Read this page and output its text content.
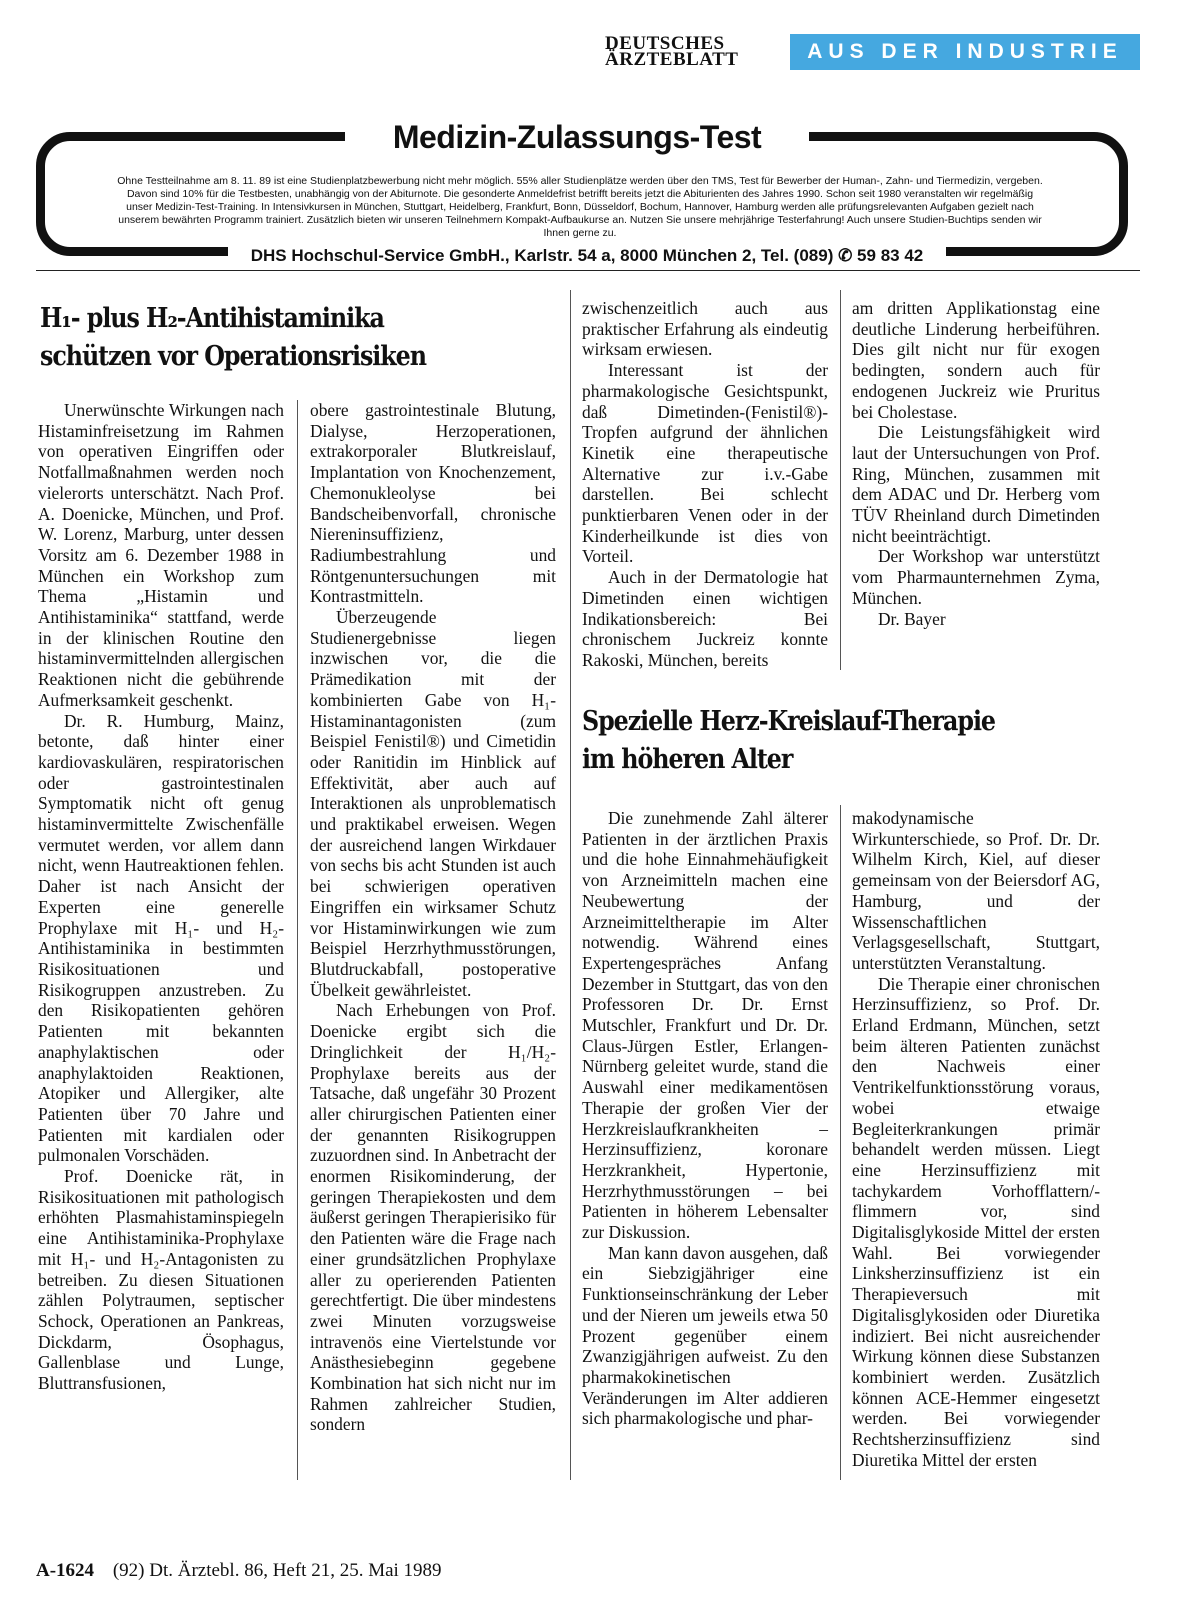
DEUTSCHES
ÄRZTEBLATT	AUS DER INDUSTRIE
Medizin-Zulassungs-Test
Ohne Testteilnahme am 8. 11. 89 ist eine Studienplatzbewerbung nicht mehr möglich. 55% aller Studienplätze werden über den TMS, Test für Bewerber der Human-, Zahn- und Tiermedizin, vergeben. Davon sind 10% für die Testbesten, unabhängig von der Abiturnote. Die gesonderte Anmeldefrist betrifft bereits jetzt die Abiturienten des Jahres 1990. Schon seit 1980 veranstalten wir regelmäßig unser Medizin-Test-Training. In Intensivkursen in München, Stuttgart, Heidelberg, Frankfurt, Bonn, Düsseldorf, Bochum, Hannover, Hamburg werden alle prüfungsrelevanten Aufgaben gezielt nach unserem bewährten Programm trainiert. Zusätzlich bieten wir unseren Teilnehmern Kompakt-Aufbaukurse an. Nutzen Sie unsere mehrjährige Testerfahrung! Auch unsere Studien-Buchtips senden wir Ihnen gerne zu.
DHS Hochschul-Service GmbH., Karlstr. 54 a, 8000 München 2, Tel. (089) ✆ 59 83 42
H₁- plus H₂-Antihistaminika
schützen vor Operationsrisiken

Unerwünschte Wirkungen nach Histaminfreisetzung im Rahmen von operativen Eingriffen oder Notfallmaßnahmen werden noch vielerorts unterschätzt. Nach Prof. A. Doenicke, München, und Prof. W. Lorenz, Marburg, unter dessen Vorsitz am 6. Dezember 1988 in München ein Workshop zum Thema „Histamin und Antihistaminika“ stattfand, werde in der klinischen Routine den histaminvermittelnden allergischen Reaktionen nicht die gebührende Aufmerksamkeit geschenkt.

Dr. R. Humburg, Mainz, betonte, daß hinter einer kardiovaskulären, respiratorischen oder gastrointestinalen Symptomatik nicht oft genug histaminvermittelte Zwischenfälle vermutet werden, vor allem dann nicht, wenn Hautreaktionen fehlen. Daher ist nach Ansicht der Experten eine generelle Prophylaxe mit H₁- und H₂-Antihistaminika in bestimmten Risikosituationen und Risikogruppen anzustreben. Zu den Risikopatienten gehören Patienten mit bekannten anaphylaktischen oder anaphylaktoiden Reaktionen, Atopiker und Allergiker, alte Patienten über 70 Jahre und Patienten mit kardialen oder pulmonalen Vorschäden.

Prof. Doenicke rät, in Risikosituationen mit pathologisch erhöhten Plasmahistaminspiegeln eine Antihistaminika-Prophylaxe mit H₁- und H₂-Antagonisten zu betreiben. Zu diesen Situationen zählen Polytraumen, septischer Schock, Operationen an Pankreas, Dickdarm, Ösophagus, Gallenblase und Lunge, Bluttransfusionen,

obere gastrointestinale Blutung, Dialyse, Herzoperationen, extrakorporaler Blutkreislauf, Implantation von Knochenzement, Chemonukleolyse bei Bandscheibenvorfall, chronische Niereninsuffizienz, Radiumbestrahlung und Röntgenuntersuchungen mit Kontrastmitteln.

Überzeugende Studienergebnisse liegen inzwischen vor, die die Prämedikation mit der kombinierten Gabe von H₁-Histaminantagonisten (zum Beispiel Fenistil®) und Cimetidin oder Ranitidin im Hinblick auf Effektivität, aber auch auf Interaktionen als unproblematisch und praktikabel erweisen. Wegen der ausreichend langen Wirkdauer von sechs bis acht Stunden ist auch bei schwierigen operativen Eingriffen ein wirksamer Schutz vor Histaminwirkungen wie zum Beispiel Herzrhythmusstörungen, Blutdruckabfall, postoperative Übelkeit gewährleistet.

Nach Erhebungen von Prof. Doenicke ergibt sich die Dringlichkeit der H₁/H₂-Prophylaxe bereits aus der Tatsache, daß ungefähr 30 Prozent aller chirurgischen Patienten einer der genannten Risikogruppen zuzuordnen sind. In Anbetracht der enormen Risikominderung, der geringen Therapiekosten und dem äußerst geringen Therapierisiko für den Patienten wäre die Frage nach einer grundsätzlichen Prophylaxe aller zu operierenden Patienten gerechtfertigt. Die über mindestens zwei Minuten vorzugsweise intravenös eine Viertelstunde vor Anästhesiebeginn gegebene Kombination hat sich nicht nur im Rahmen zahlreicher Studien, sondern

zwischenzeitlich auch aus praktischer Erfahrung als eindeutig wirksam erwiesen.

Interessant ist der pharmakologische Gesichtspunkt, daß Dimetinden-(Fenistil®)-Tropfen aufgrund der ähnlichen Kinetik eine therapeutische Alternative zur i.v.-Gabe darstellen. Bei schlecht punktierbaren Venen oder in der Kinderheilkunde ist dies von Vorteil.

Auch in der Dermatologie hat Dimetinden einen wichtigen Indikationsbereich: Bei chronischem Juckreiz konnte Rakoski, München, bereits

am dritten Applikationstag eine deutliche Linderung herbeiführen. Dies gilt nicht nur für exogen bedingten, sondern auch für endogenen Juckreiz wie Pruritus bei Cholestase.

Die Leistungsfähigkeit wird laut der Untersuchungen von Prof. Ring, München, zusammen mit dem ADAC und Dr. Herberg vom TÜV Rheinland durch Dimetinden nicht beeinträchtigt.

Der Workshop war unterstützt vom Pharmaunternehmen Zyma, München.

Dr. Bayer

Spezielle Herz-Kreislauf-Therapie
im höheren Alter

Die zunehmende Zahl älterer Patienten in der ärztlichen Praxis und die hohe Einnahmehäufigkeit von Arzneimitteln machen eine Neubewertung der Arzneimitteltherapie im Alter notwendig. Während eines Expertengespräches Anfang Dezember in Stuttgart, das von den Professoren Dr. Dr. Ernst Mutschler, Frankfurt und Dr. Dr. Claus-Jürgen Estler, Erlangen-Nürnberg geleitet wurde, stand die Auswahl einer medikamentösen Therapie der großen Vier der Herzkreislaufkrankheiten – Herzinsuffizienz, koronare Herzkrankheit, Hypertonie, Herzrhythmusstörungen – bei Patienten in höherem Lebensalter zur Diskussion.

Man kann davon ausgehen, daß ein Siebzigjähriger eine Funktionseinschränkung der Leber und der Nieren um jeweils etwa 50 Prozent gegenüber einem Zwanzigjährigen aufweist. Zu den pharmakokinetischen Veränderungen im Alter addieren sich pharmakologische und phar-

makodynamische Wirkunterschiede, so Prof. Dr. Dr. Wilhelm Kirch, Kiel, auf dieser gemeinsam von der Beiersdorf AG, Hamburg, und der Wissenschaftlichen Verlagsgesellschaft, Stuttgart, unterstützten Veranstaltung.

Die Therapie einer chronischen Herzinsuffizienz, so Prof. Dr. Erland Erdmann, München, setzt beim älteren Patienten zunächst den Nachweis einer Ventrikelfunktionsstörung voraus, wobei etwaige Begleiterkrankungen primär behandelt werden müssen. Liegt eine Herzinsuffizienz mit tachykardem Vorhofflattern/-flimmern vor, sind Digitalisglykoside Mittel der ersten Wahl. Bei vorwiegender Linksherzinsuffizienz ist ein Therapieversuch mit Digitalisglykosiden oder Diuretika indiziert. Bei nicht ausreichender Wirkung können diese Substanzen kombiniert werden. Zusätzlich können ACE-Hemmer eingesetzt werden. Bei vorwiegender Rechtsherzinsuffizienz sind Diuretika Mittel der ersten

A-1624 (92) Dt. Ärztebl. 86, Heft 21, 25. Mai 1989
